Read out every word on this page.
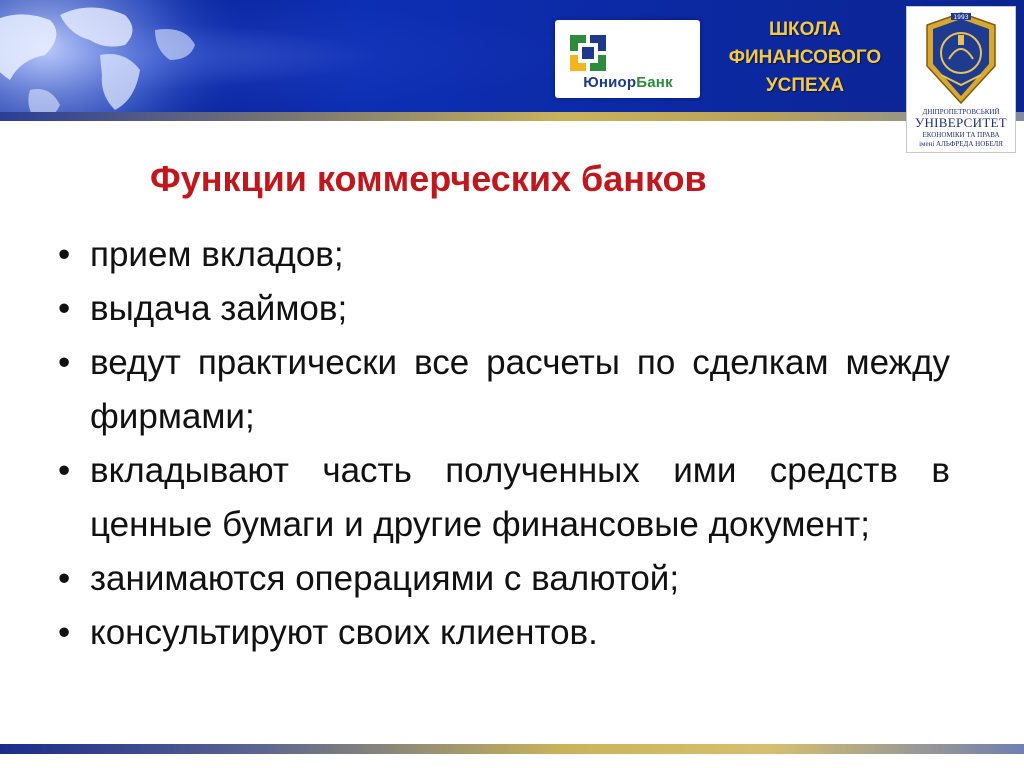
ЮниорБанк
ШКОЛА
ФИНАНСОВОГО
УСПЕХА
1993
ДНІПРОПЕТРОВСЬКИЙ
УНІВЕРСИТЕТ
ЕКОНОМІКИ ТА ПРАВА
імені АЛЬФРЕДА НОБЕЛЯ
Функции коммерческих банков
• прием вкладов;
• выдача займов;
• ведут практически все расчеты по сделкам между фирмами;
• вкладывают часть полученных ими средств в ценные бумаги и другие финансовые документ;
• занимаются операциями с валютой;
• консультируют своих клиентов.
